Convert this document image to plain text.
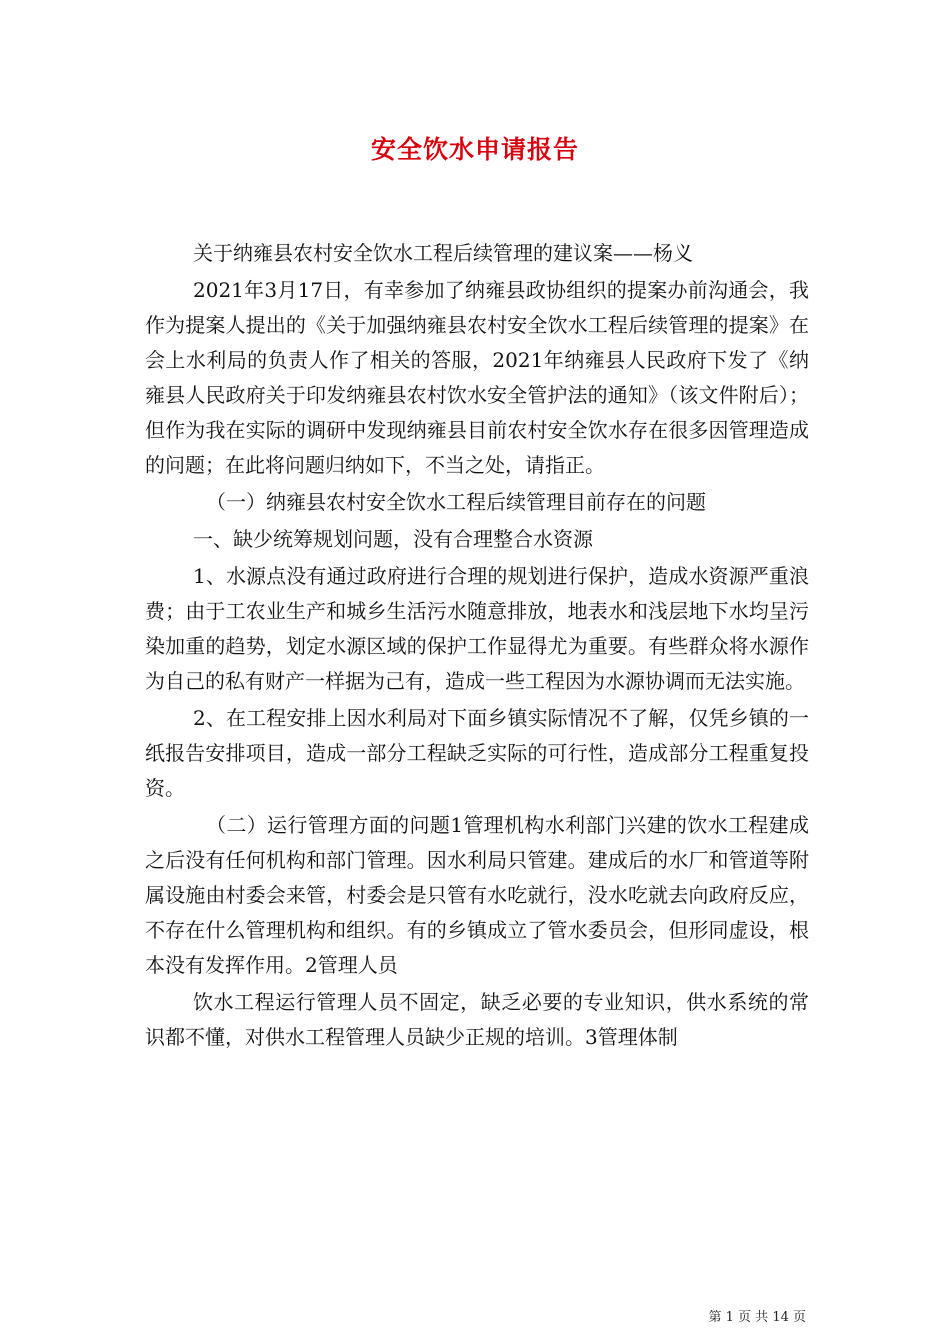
安全饮水申请报告

关于纳雍县农村安全饮水工程后续管理的建议案——杨义

2021年3月17日，有幸参加了纳雍县政协组织的提案办前沟通会，我作为提案人提出的《关于加强纳雍县农村安全饮水工程后续管理的提案》在会上水利局的负责人作了相关的答服，2021年纳雍县人民政府下发了《纳雍县人民政府关于印发纳雍县农村饮水安全管护法的通知》（该文件附后）；但作为我在实际的调研中发现纳雍县目前农村安全饮水存在很多因管理造成的问题；在此将问题归纳如下，不当之处，请指正。

（一）纳雍县农村安全饮水工程后续管理目前存在的问题

一、缺少统筹规划问题，没有合理整合水资源

1、水源点没有通过政府进行合理的规划进行保护，造成水资源严重浪费；由于工农业生产和城乡生活污水随意排放，地表水和浅层地下水均呈污染加重的趋势，划定水源区域的保护工作显得尤为重要。有些群众将水源作为自己的私有财产一样据为己有，造成一些工程因为水源协调而无法实施。

2、在工程安排上因水利局对下面乡镇实际情况不了解，仅凭乡镇的一纸报告安排项目，造成一部分工程缺乏实际的可行性，造成部分工程重复投资。

（二）运行管理方面的问题1管理机构水利部门兴建的饮水工程建成之后没有任何机构和部门管理。因水利局只管建。建成后的水厂和管道等附属设施由村委会来管，村委会是只管有水吃就行，没水吃就去向政府反应，不存在什么管理机构和组织。有的乡镇成立了管水委员会，但形同虚设，根本没有发挥作用。2管理人员

饮水工程运行管理人员不固定，缺乏必要的专业知识，供水系统的常识都不懂，对供水工程管理人员缺少正规的培训。3管理体制

第 1 页 共 14 页
